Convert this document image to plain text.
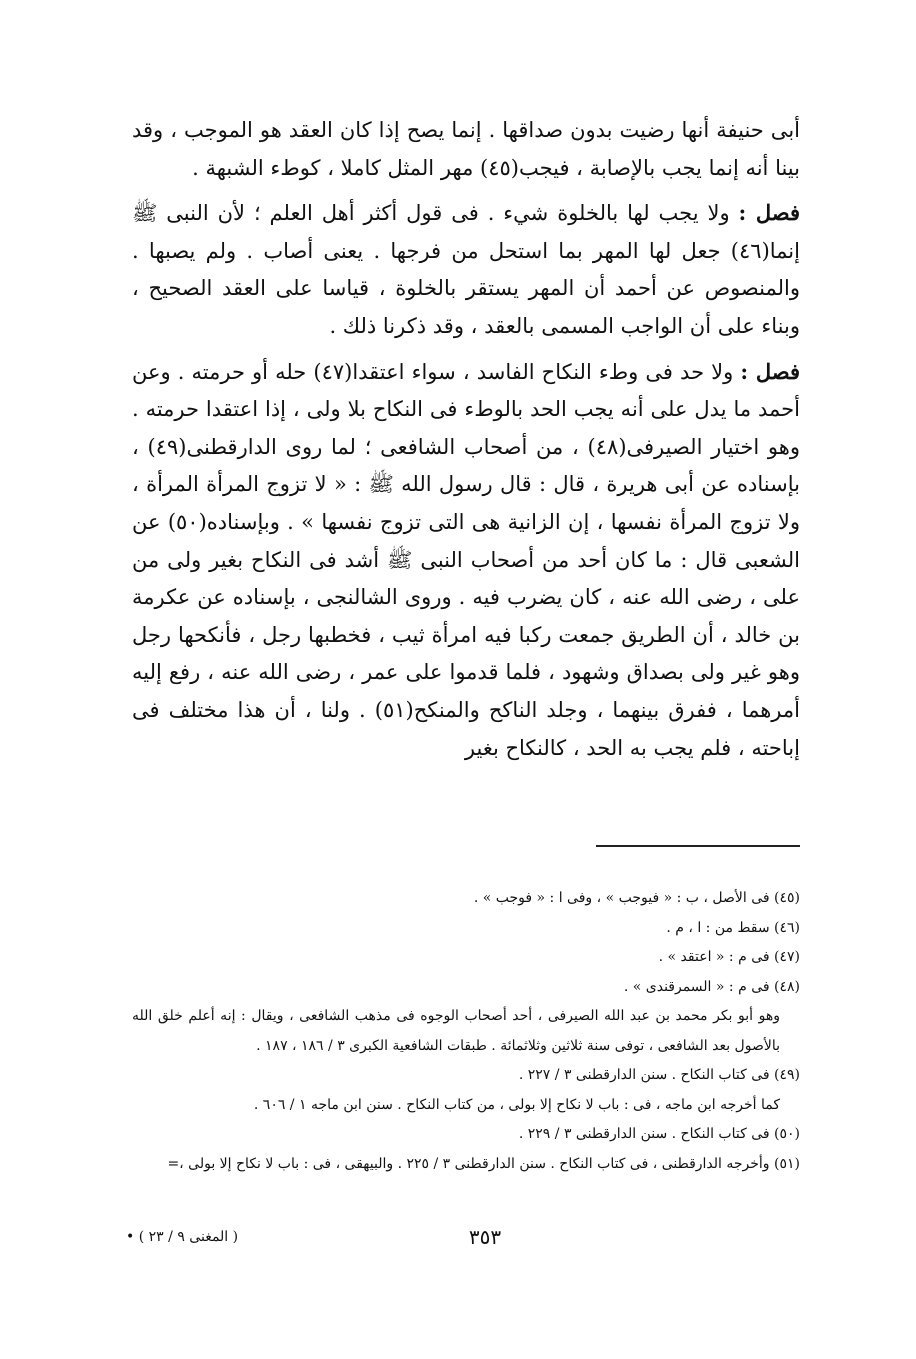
أبى حنيفة أنها رضيت بدون صداقها . إنما يصح إذا كان العقد هو الموجب ، وقد بينا أنه إنما يجب بالإصابة ، فيجب(٤٥) مهر المثل كاملا ، كوطء الشبهة .

فصل : ولا يجب لها بالخلوة شيء . فى قول أكثر أهل العلم ؛ لأن النبى ﷺ إنما(٤٦) جعل لها المهر بما استحل من فرجها . يعنى أصاب . ولم يصبها . والمنصوص عن أحمد أن المهر يستقر بالخلوة ، قياسا على العقد الصحيح ، وبناء على أن الواجب المسمى بالعقد ، وقد ذكرنا ذلك .

فصل : ولا حد فى وطء النكاح الفاسد ، سواء اعتقدا(٤٧) حله أو حرمته . وعن أحمد ما يدل على أنه يجب الحد بالوطء فى النكاح بلا ولى ، إذا اعتقدا حرمته . وهو اختيار الصيرفى(٤٨) ، من أصحاب الشافعى ؛ لما روى الدارقطنى(٤٩) ، بإسناده عن أبى هريرة ، قال : قال رسول الله ﷺ : « لا تزوج المرأة المرأة ، ولا تزوج المرأة نفسها ، إن الزانية هى التى تزوج نفسها » . وبإسناده(٥٠) عن الشعبى قال : ما كان أحد من أصحاب النبى ﷺ أشد فى النكاح بغير ولى من على ، رضى الله عنه ، كان يضرب فيه . وروى الشالنجى ، بإسناده عن عكرمة بن خالد ، أن الطريق جمعت ركبا فيه امرأة ثيب ، فخطبها رجل ، فأنكحها رجل وهو غير ولى بصداق وشهود ، فلما قدموا على عمر ، رضى الله عنه ، رفع إليه أمرهما ، ففرق بينهما ، وجلد الناكح والمنكح(٥١) . ولنا ، أن هذا مختلف فى إباحته ، فلم يجب به الحد ، كالنكاح بغير

(٤٥) فى الأصل ، ب : « فيوجب » ، وفى ا : « فوجب » .

(٤٦) سقط من : ا ، م .

(٤٧) فى م : « اعتقد » .

(٤٨) فى م : « السمرقندى » .

وهو أبو بكر محمد بن عبد الله الصيرفى ، أحد أصحاب الوجوه فى مذهب الشافعى ، ويقال : إنه أعلم خلق الله بالأصول بعد الشافعى ، توفى سنة ثلاثين وثلاثمائة . طبقات الشافعية الكبرى ٣ / ١٨٦ ، ١٨٧ .

(٤٩) فى كتاب النكاح . سنن الدارقطنى ٣ / ٢٢٧ .

كما أخرجه ابن ماجه ، فى : باب لا نكاح إلا بولى ، من كتاب النكاح . سنن ابن ماجه ١ / ٦٠٦ .

(٥٠) فى كتاب النكاح . سنن الدارقطنى ٣ / ٢٢٩ .

(٥١) وأخرجه الدارقطنى ، فى كتاب النكاح . سنن الدارقطنى ٣ / ٢٢٥ . والبيهقى ، فى : باب لا نكاح إلا بولى ،=

٣٥٣
( المغنى ٩ / ٢٣ ) •
